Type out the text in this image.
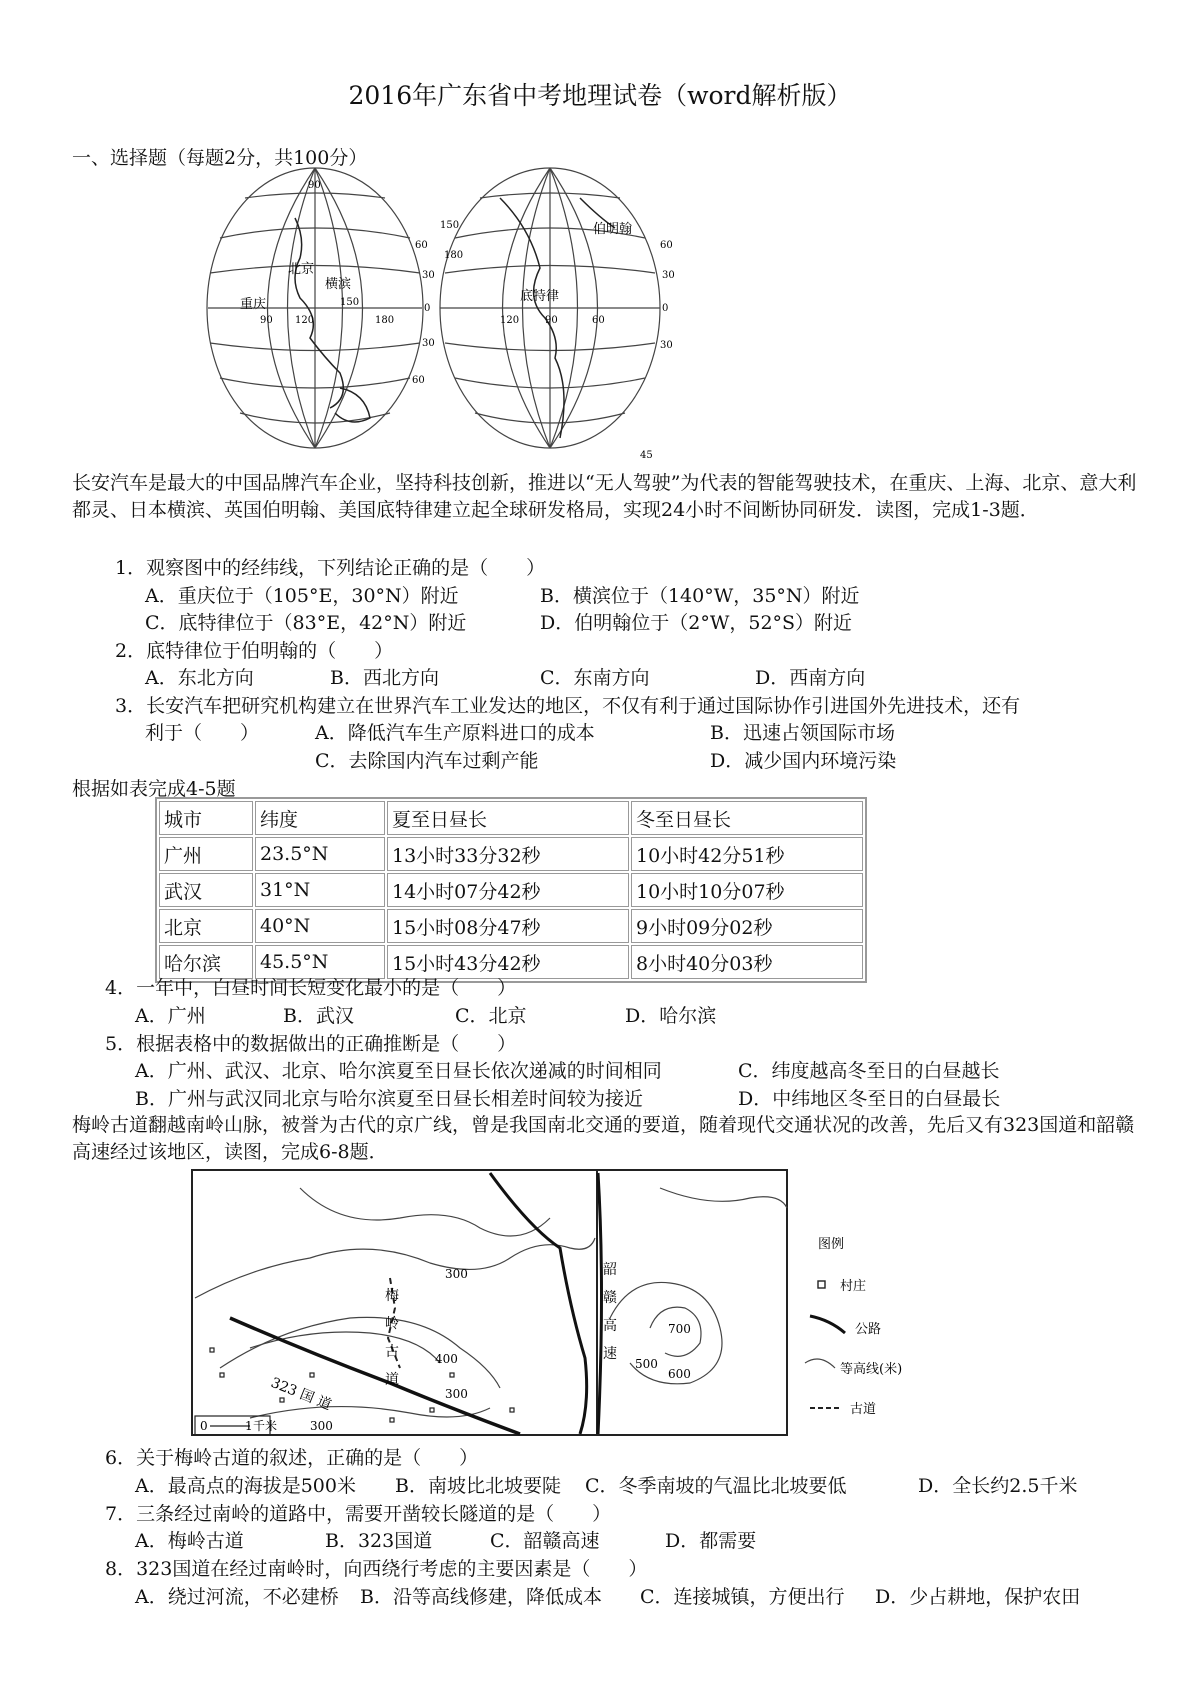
2016年广东省中考地理试卷（word解析版）
一、选择题（每题2分，共100分）
北京
重庆
横滨
90
60
30
0
30
60
90 120
150
180
伯明翰
底特律
60
30
0
30
45
150
180
120	90	60
长安汽车是最大的中国品牌汽车企业，坚持科技创新，推进以“无人驾驶”为代表的智能驾驶技术，在重庆、上海、北京、意大利都灵、日本横滨、英国伯明翰、美国底特律建立起全球研发格局，实现24小时不间断协同研发．读图，完成1-3题．
1．观察图中的经纬线，下列结论正确的是（　　）
A．重庆位于（105°E，30°N）附近	B．横滨位于（140°W，35°N）附近
C．底特律位于（83°E，42°N）附近	D．伯明翰位于（2°W，52°S）附近
2．底特律位于伯明翰的（　　）
A．东北方向	B．西北方向	C．东南方向	D．西南方向
3．长安汽车把研究机构建立在世界汽车工业发达的地区，不仅有利于通过国际协作引进国外先进技术，还有
利于（　　）	A．降低汽车生产原料进口的成本	B．迅速占领国际市场
C．去除国内汽车过剩产能	D．减少国内环境污染
根据如表完成4-5题
城市	纬度	夏至日昼长	冬至日昼长
广州	23.5°N	13小时33分32秒	10小时42分51秒
武汉	31°N	14小时07分42秒	10小时10分07秒
北京	40°N	15小时08分47秒	9小时09分02秒
哈尔滨	45.5°N	15小时43分42秒	8小时40分03秒
4．一年中，白昼时间长短变化最小的是（　　）
A．广州	B．武汉	C．北京	D．哈尔滨
5．根据表格中的数据做出的正确推断是（　　）
A．广州、武汉、北京、哈尔滨夏至日昼长依次递减的时间相同	C．纬度越高冬至日的白昼越长
B．广州与武汉同北京与哈尔滨夏至日昼长相差时间较为接近	D．中纬地区冬至日的白昼最长
梅岭古道翻越南岭山脉，被誉为古代的京广线，曾是我国南北交通的要道，随着现代交通状况的改善，先后又有323国道和韶赣高速经过该地区，读图，完成6-8题．
梅
岭
古
道
韶
赣
高
速
323 国 道
300
400
300
300
500
600
700
0	1 千米
图例
村庄
公路
等高线(米)
古道
6．关于梅岭古道的叙述，正确的是（　　）
A．最高点的海拔是500米 B．南坡比北坡要陡 C．冬季南坡的气温比北坡要低	D．全长约2.5千米
7．三条经过南岭的道路中，需要开凿较长隧道的是（　　）
A．梅岭古道	B．323国道	C．韶赣高速	D．都需要
8．323国道在经过南岭时，向西绕行考虑的主要因素是（　　）
A．绕过河流，不必建桥 B．沿等高线修建，降低成本 C．连接城镇，方便出行 D．少占耕地，保护农田
